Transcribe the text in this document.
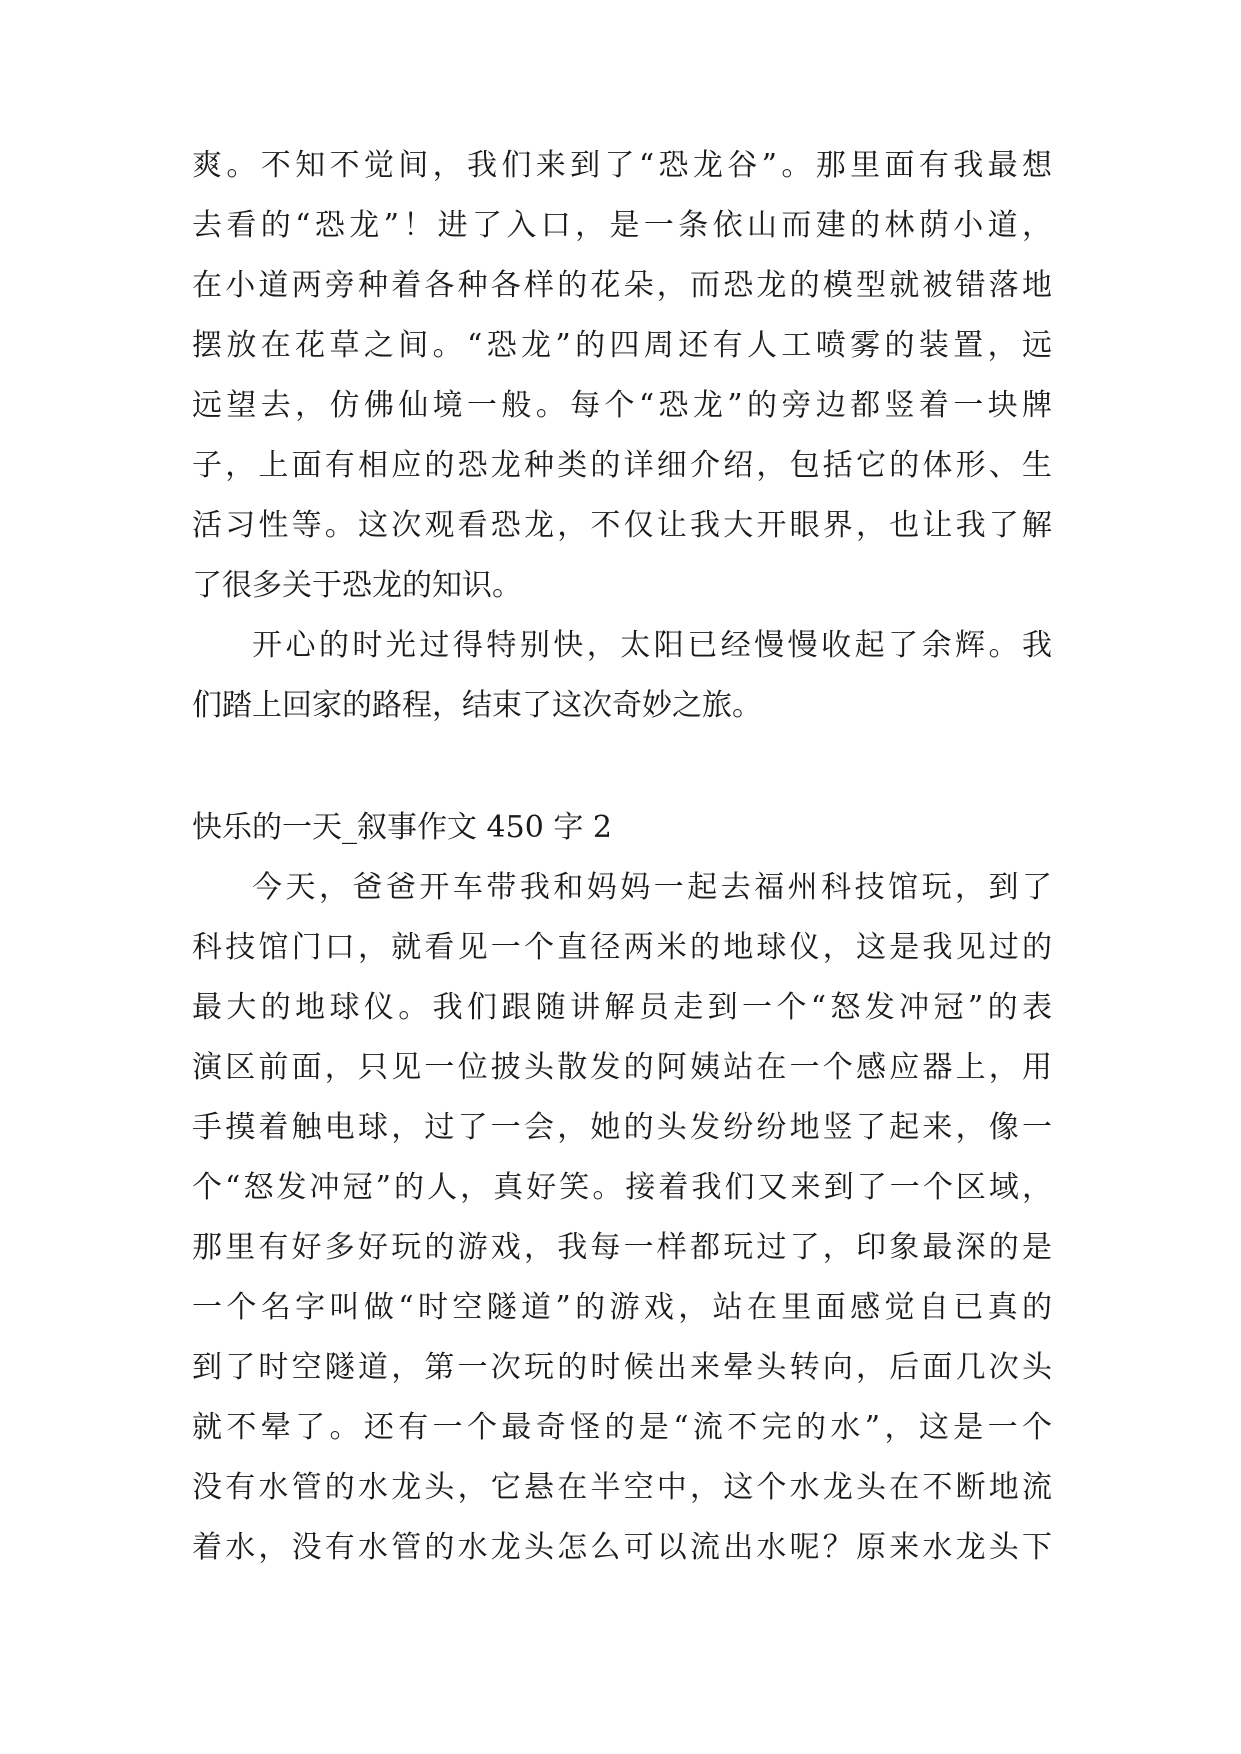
爽。不知不觉间，我们来到了“恐龙谷”。那里面有我最想
去看的“恐龙”！进了入口，是一条依山而建的林荫小道，
在小道两旁种着各种各样的花朵，而恐龙的模型就被错落地
摆放在花草之间。“恐龙”的四周还有人工喷雾的装置，远
远望去，仿佛仙境一般。每个“恐龙”的旁边都竖着一块牌
子，上面有相应的恐龙种类的详细介绍，包括它的体形、生
活习性等。这次观看恐龙，不仅让我大开眼界，也让我了解
了很多关于恐龙的知识。
开心的时光过得特别快，太阳已经慢慢收起了余辉。我
们踏上回家的路程，结束了这次奇妙之旅。
快乐的一天_叙事作文 450 字 2
今天，爸爸开车带我和妈妈一起去福州科技馆玩，到了
科技馆门口，就看见一个直径两米的地球仪，这是我见过的
最大的地球仪。我们跟随讲解员走到一个“怒发冲冠”的表
演区前面，只见一位披头散发的阿姨站在一个感应器上，用
手摸着触电球，过了一会，她的头发纷纷地竖了起来，像一
个“怒发冲冠”的人，真好笑。接着我们又来到了一个区域，
那里有好多好玩的游戏，我每一样都玩过了，印象最深的是
一个名字叫做“时空隧道”的游戏，站在里面感觉自已真的
到了时空隧道，第一次玩的时候出来晕头转向，后面几次头
就不晕了。还有一个最奇怪的是“流不完的水”，这是一个
没有水管的水龙头，它悬在半空中，这个水龙头在不断地流
着水，没有水管的水龙头怎么可以流出水呢？原来水龙头下
